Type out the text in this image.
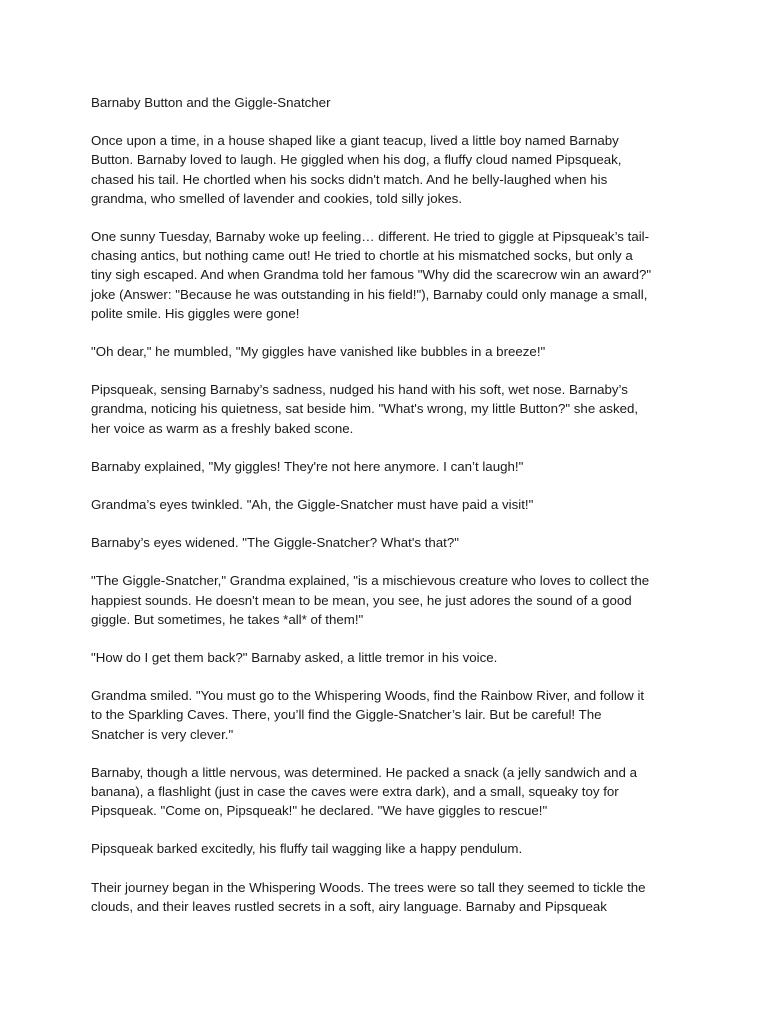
Barnaby Button and the Giggle-Snatcher
Once upon a time, in a house shaped like a giant teacup, lived a little boy named Barnaby
Button. Barnaby loved to laugh. He giggled when his dog, a fluffy cloud named Pipsqueak,
chased his tail. He chortled when his socks didn't match. And he belly-laughed when his
grandma, who smelled of lavender and cookies, told silly jokes.
One sunny Tuesday, Barnaby woke up feeling… different. He tried to giggle at Pipsqueak’s tail-
chasing antics, but nothing came out! He tried to chortle at his mismatched socks, but only a
tiny sigh escaped. And when Grandma told her famous "Why did the scarecrow win an award?"
joke (Answer: "Because he was outstanding in his field!"), Barnaby could only manage a small,
polite smile. His giggles were gone!
"Oh dear," he mumbled, "My giggles have vanished like bubbles in a breeze!"
Pipsqueak, sensing Barnaby’s sadness, nudged his hand with his soft, wet nose. Barnaby’s
grandma, noticing his quietness, sat beside him. "What's wrong, my little Button?" she asked,
her voice as warm as a freshly baked scone.
Barnaby explained, "My giggles! They're not here anymore. I can’t laugh!"
Grandma’s eyes twinkled. "Ah, the Giggle-Snatcher must have paid a visit!"
Barnaby’s eyes widened. "The Giggle-Snatcher? What's that?"
"The Giggle-Snatcher," Grandma explained, "is a mischievous creature who loves to collect the
happiest sounds. He doesn't mean to be mean, you see, he just adores the sound of a good
giggle. But sometimes, he takes *all* of them!"
"How do I get them back?" Barnaby asked, a little tremor in his voice.
Grandma smiled. "You must go to the Whispering Woods, find the Rainbow River, and follow it
to the Sparkling Caves. There, you’ll find the Giggle-Snatcher’s lair. But be careful! The
Snatcher is very clever."
Barnaby, though a little nervous, was determined. He packed a snack (a jelly sandwich and a
banana), a flashlight (just in case the caves were extra dark), and a small, squeaky toy for
Pipsqueak. "Come on, Pipsqueak!" he declared. "We have giggles to rescue!"
Pipsqueak barked excitedly, his fluffy tail wagging like a happy pendulum.
Their journey began in the Whispering Woods. The trees were so tall they seemed to tickle the
clouds, and their leaves rustled secrets in a soft, airy language. Barnaby and Pipsqueak
